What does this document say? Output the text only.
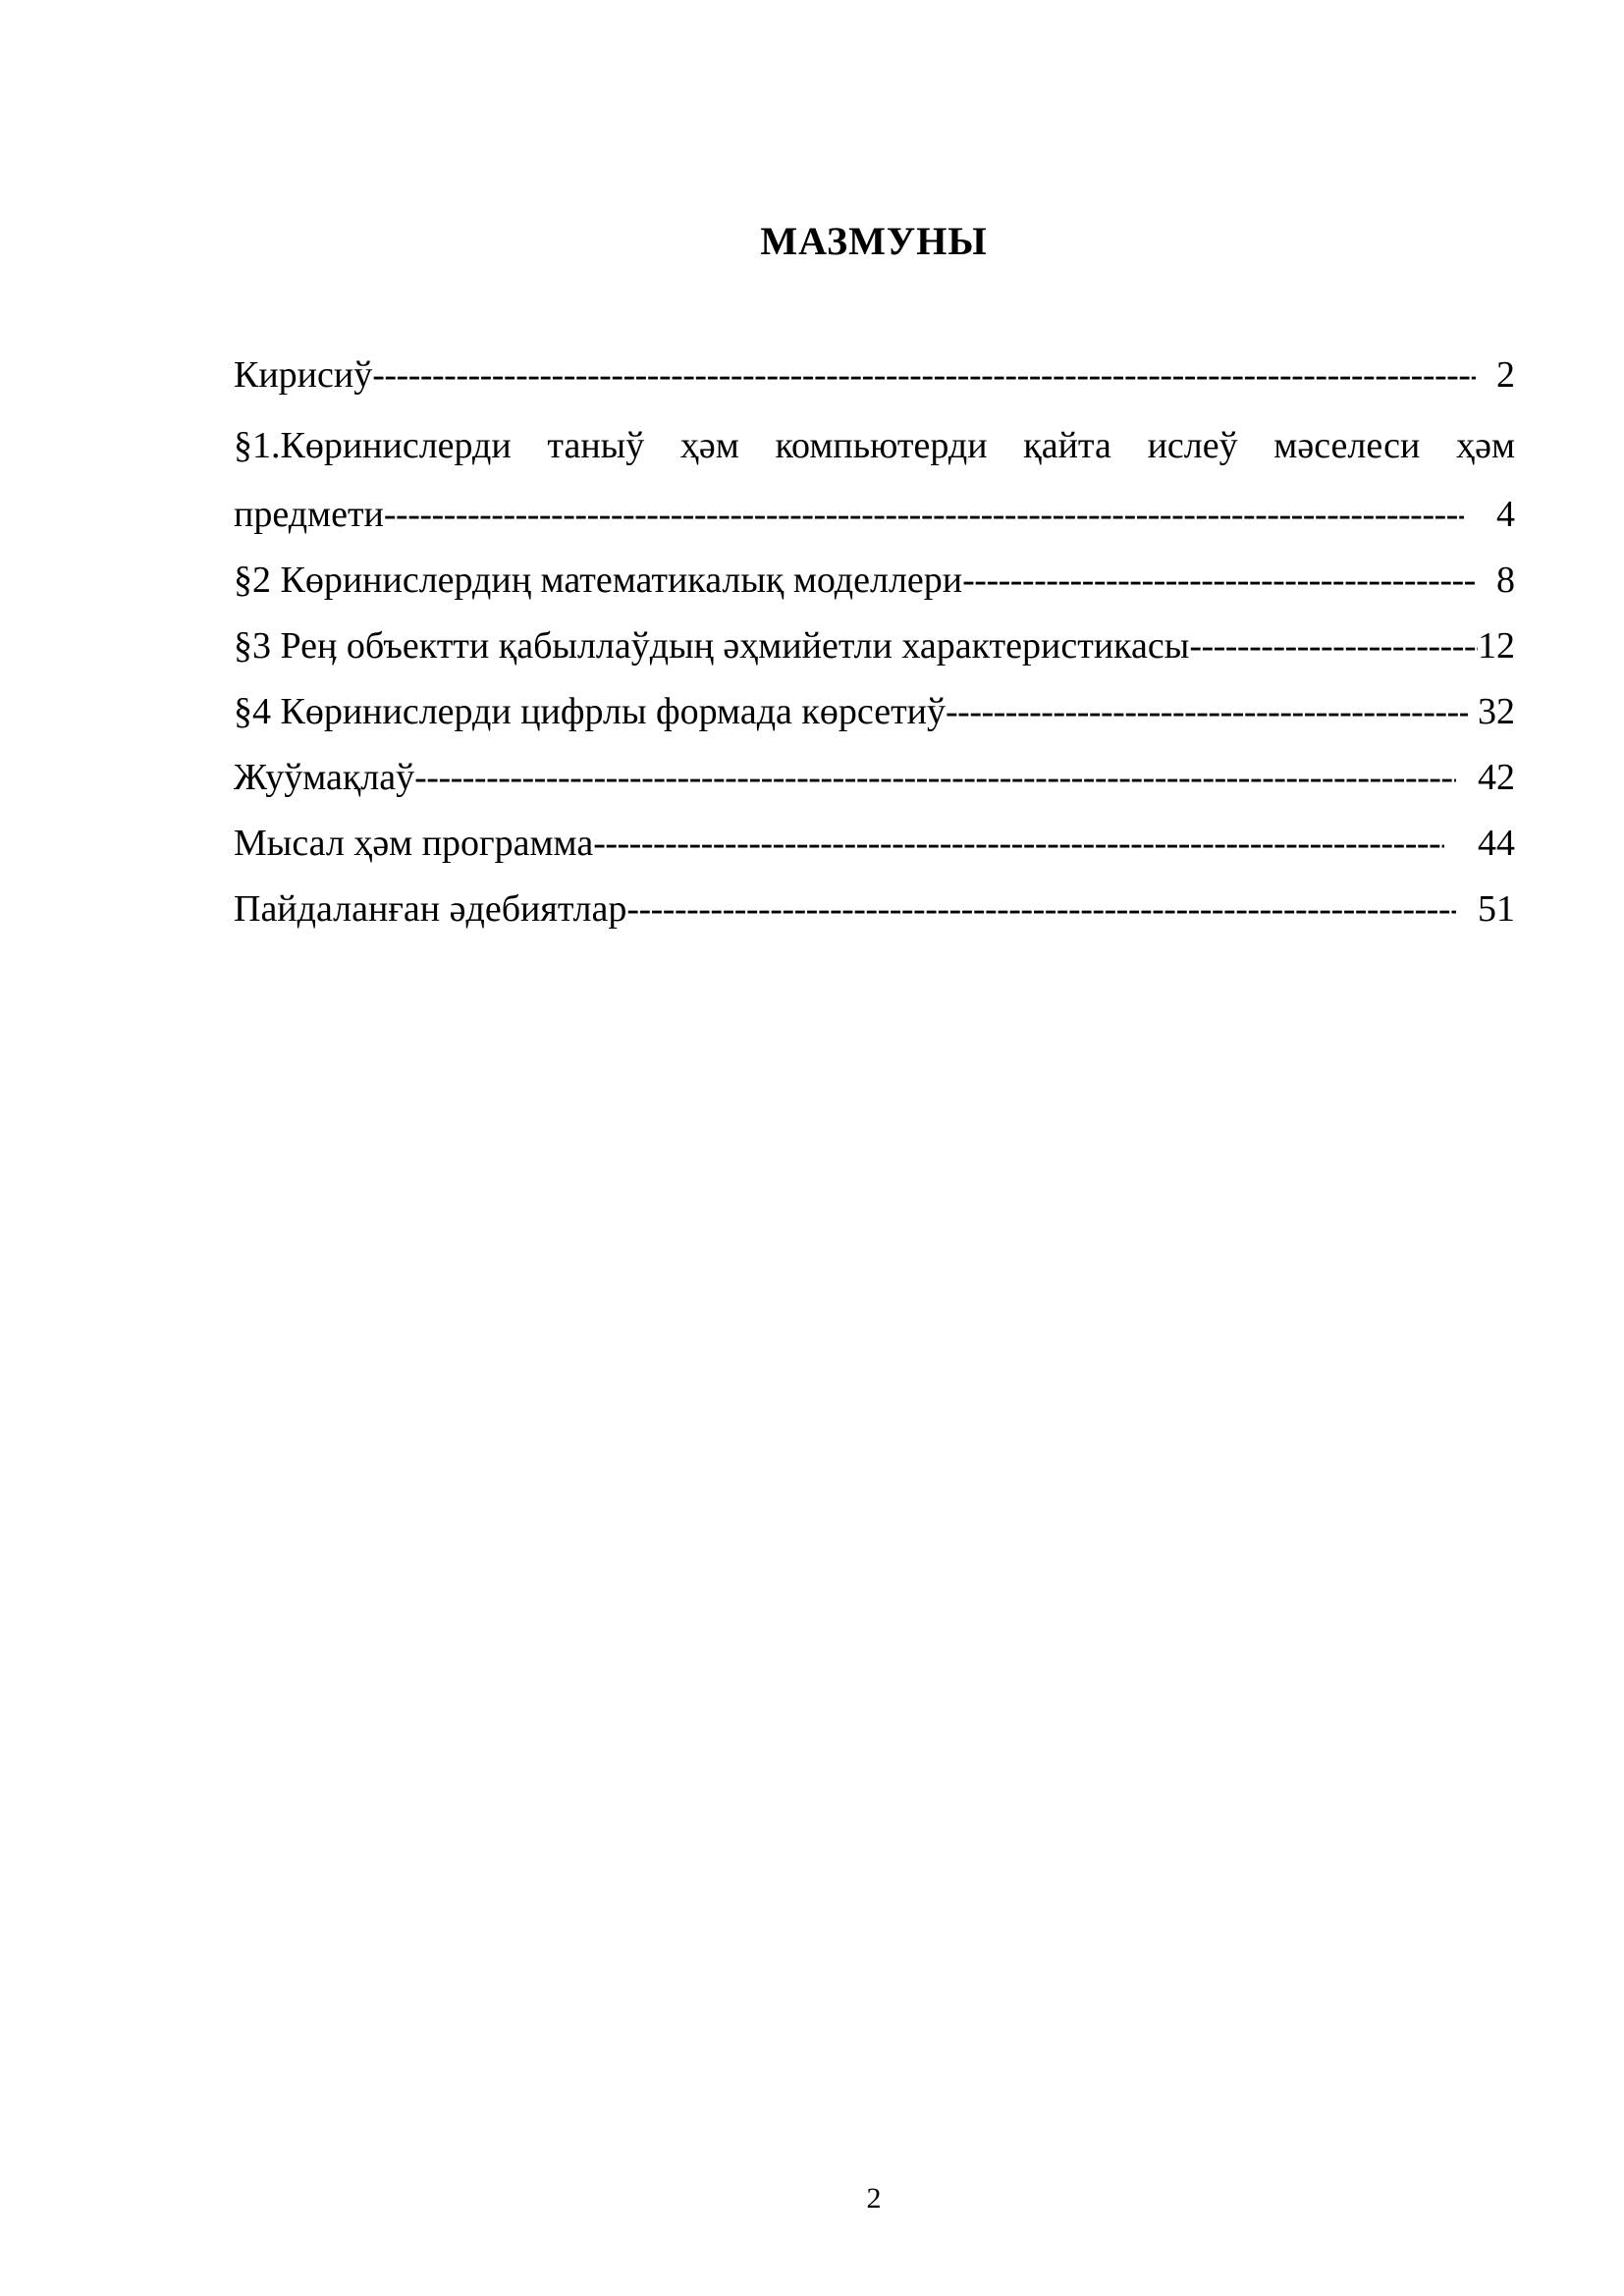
МАЗМУНЫ
Кирисиў -----	2
§1.Көринислерди таныў ҳәм компьютерди қайта ислеў мәселеси ҳәм
предмети -----	4
§2 Көринислердиң математикалық моделлери -----	8
§3 Реӊ объектти қабыллаўдың әҳмийетли характеристикасы -----	12
§4 Көринислерди цифрлы формада көрсетиў -----	32
Жуўмақлаў -----	42
Мысал ҳәм программа -----	44
Пайдаланған әдебиятлар -----	51
2
